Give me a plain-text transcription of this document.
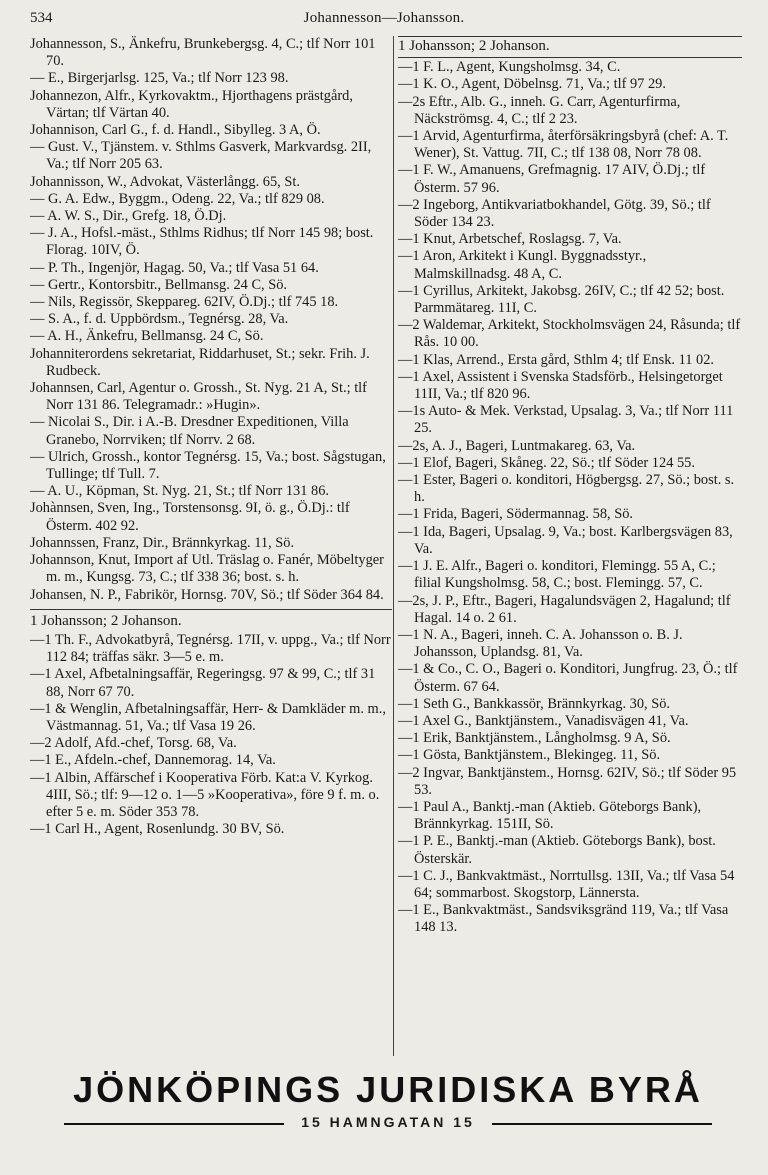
534	Johannesson—Johansson.
Johannesson, S., Änkefru, Brunkebergsg. 4, C.; tlf Norr 101 70.
— E., Birgerjarlsg. 125, Va.; tlf Norr 123 98.
Johannezon, Alfr., Kyrkovaktm., Hjorthagens prästgård, Värtan; tlf Värtan 40.
Johannison, Carl G., f. d. Handl., Sibylleg. 3 A, Ö.
— Gust. V., Tjänstem. v. Sthlms Gasverk, Markvardsg. 2II, Va.; tlf Norr 205 63.
Johannisson, W., Advokat, Västerlångg. 65, St.
— G. A. Edw., Byggm., Odeng. 22, Va.; tlf 829 08.
— A. W. S., Dir., Grefg. 18, Ö.Dj.
— J. A., Hofsl.-mäst., Sthlms Ridhus; tlf Norr 145 98; bost. Florag. 10IV, Ö.
— P. Th., Ingenjör, Hagag. 50, Va.; tlf Vasa 51 64.
— Gertr., Kontorsbitr., Bellmansg. 24 C, Sö.
— Nils, Regissör, Skeppareg. 62IV, Ö.Dj.; tlf 745 18.
— S. A., f. d. Uppbördsm., Tegnérsg. 28, Va.
— A. H., Änkefru, Bellmansg. 24 C, Sö.
Johanniterordens sekretariat, Riddarhuset, St.; sekr. Frih. J. Rudbeck.
Johannsen, Carl, Agentur o. Grossh., St. Nyg. 21 A, St.; tlf Norr 131 86. Telegramadr.: »Hugin».
— Nicolai S., Dir. i A.-B. Dresdner Expeditionen, Villa Granebo, Norrviken; tlf Norrv. 2 68.
— Ulrich, Grossh., kontor Tegnérsg. 15, Va.; bost. Sågstugan, Tullinge; tlf Tull. 7.
— A. U., Köpman, St. Nyg. 21, St.; tlf Norr 131 86.
Johànnsen, Sven, Ing., Torstensonsg. 9I, ö. g., Ö.Dj.: tlf Österm. 402 92.
Johannssen, Franz, Dir., Brännkyrkag. 11, Sö.
Johannson, Knut, Import af Utl. Träslag o. Fanér, Möbeltyger m. m., Kungsg. 73, C.; tlf 338 36; bost. s. h.
Johansen, N. P., Fabrikör, Hornsg. 70V, Sö.; tlf Söder 364 84.
1 Johansson; 2 Johanson.
—1 Th. F., Advokatbyrå, Tegnérsg. 17II, v. uppg., Va.; tlf Norr 112 84; träffas säkr. 3—5 e. m.
—1 Axel, Afbetalningsaffär, Regeringsg. 97 & 99, C.; tlf 31 88, Norr 67 70.
—1 & Wenglin, Afbetalningsaffär, Herr- & Damkläder m. m., Västmannag. 51, Va.; tlf Vasa 19 26.
—2 Adolf, Afd.-chef, Torsg. 68, Va.
—1 E., Afdeln.-chef, Dannemorag. 14, Va.
—1 Albin, Affärschef i Kooperativa Förb. Kat:a V. Kyrkog. 4III, Sö.; tlf: 9—12 o. 1—5 »Kooperativa», före 9 f. m. o. efter 5 e. m. Söder 353 78.
—1 Carl H., Agent, Rosenlundg. 30 BV, Sö.
1 Johansson; 2 Johanson.
—1 F. L., Agent, Kungsholmsg. 34, C.
—1 K. O., Agent, Döbelnsg. 71, Va.; tlf 97 29.
—2s Eftr., Alb. G., inneh. G. Carr, Agenturfirma, Näckströmsg. 4, C.; tlf 2 23.
—1 Arvid, Agenturfirma, återförsäkringsbyrå (chef: A. T. Wener), St. Vattug. 7II, C.; tlf 138 08, Norr 78 08.
—1 F. W., Amanuens, Grefmagnig. 17 AIV, Ö.Dj.; tlf Österm. 57 96.
—2 Ingeborg, Antikvariatbokhandel, Götg. 39, Sö.; tlf Söder 134 23.
—1 Knut, Arbetschef, Roslagsg. 7, Va.
—1 Aron, Arkitekt i Kungl. Byggnadsstyr., Malmskillnadsg. 48 A, C.
—1 Cyrillus, Arkitekt, Jakobsg. 26IV, C.; tlf 42 52; bost. Parmmätareg. 11I, C.
—2 Waldemar, Arkitekt, Stockholmsvägen 24, Råsunda; tlf Rås. 10 00.
—1 Klas, Arrend., Ersta gård, Sthlm 4; tlf Ensk. 11 02.
—1 Axel, Assistent i Svenska Stadsförb., Helsingetorget 11II, Va.; tlf 820 96.
—1s Auto- & Mek. Verkstad, Upsalag. 3, Va.; tlf Norr 111 25.
—2s, A. J., Bageri, Luntmakareg. 63, Va.
—1 Elof, Bageri, Skåneg. 22, Sö.; tlf Söder 124 55.
—1 Ester, Bageri o. konditori, Högbergsg. 27, Sö.; bost. s. h.
—1 Frida, Bageri, Södermannag. 58, Sö.
—1 Ida, Bageri, Upsalag. 9, Va.; bost. Karlbergsvägen 83, Va.
—1 J. E. Alfr., Bageri o. konditori, Flemingg. 55 A, C.; filial Kungsholmsg. 58, C.; bost. Flemingg. 57, C.
—2s, J. P., Eftr., Bageri, Hagalundsvägen 2, Hagalund; tlf Hagal. 14 o. 2 61.
—1 N. A., Bageri, inneh. C. A. Johansson o. B. J. Johansson, Uplandsg. 81, Va.
—1 & Co., C. O., Bageri o. Konditori, Jungfrug. 23, Ö.; tlf Österm. 67 64.
—1 Seth G., Bankkassör, Brännkyrkag. 30, Sö.
—1 Axel G., Banktjänstem., Vanadisvägen 41, Va.
—1 Erik, Banktjänstem., Långholmsg. 9 A, Sö.
—1 Gösta, Banktjänstem., Blekingeg. 11, Sö.
—2 Ingvar, Banktjänstem., Hornsg. 62IV, Sö.; tlf Söder 95 53.
—1 Paul A., Banktj.-man (Aktieb. Göteborgs Bank), Brännkyrkag. 151II, Sö.
—1 P. E., Banktj.-man (Aktieb. Göteborgs Bank), bost. Österskär.
—1 C. J., Bankvaktmäst., Norrtullsg. 13II, Va.; tlf Vasa 54 64; sommarbost. Skogstorp, Lännersta.
—1 E., Bankvaktmäst., Sandsviksgränd 119, Va.; tlf Vasa 148 13.
JÖNKÖPINGS JURIDISKA BYRÅ
15 HAMNGATAN 15
